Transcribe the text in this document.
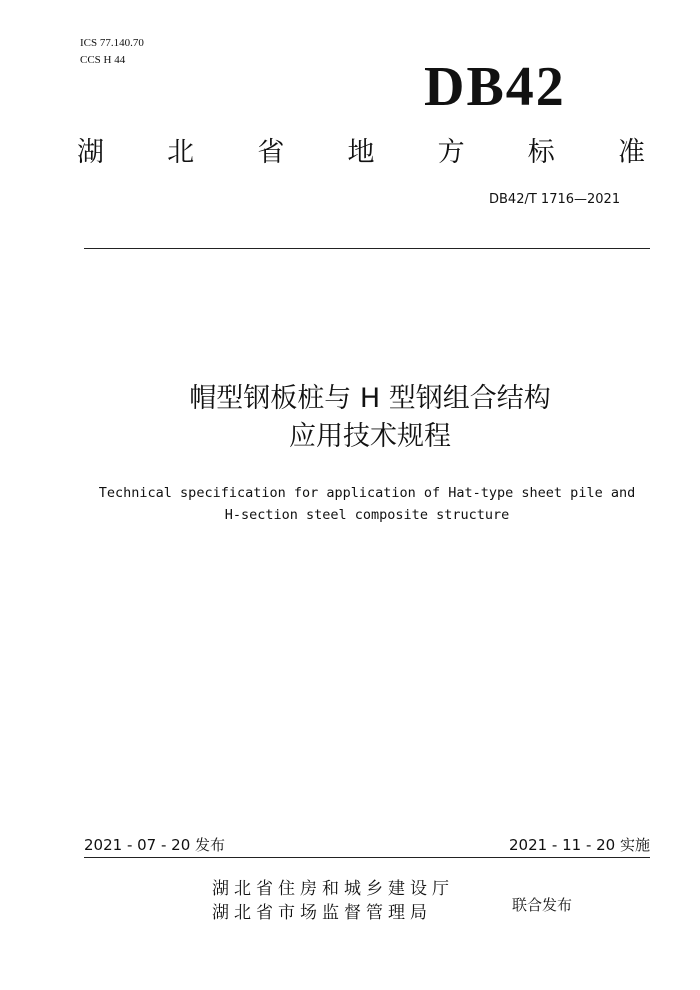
ICS 77.140.70
CCS H 44	DB42
湖 北 省 地 方 标 准
DB42/T 1716—2021
帽型钢板桩与 H 型钢组合结构
应用技术规程
Technical specification for application of Hat-type sheet pile and
H-section steel composite structure
2021 - 07 - 20 发布	2021 - 11 - 20 实施
湖北省住房和城乡建设厅
湖北省市场监督管理局	联合发布
